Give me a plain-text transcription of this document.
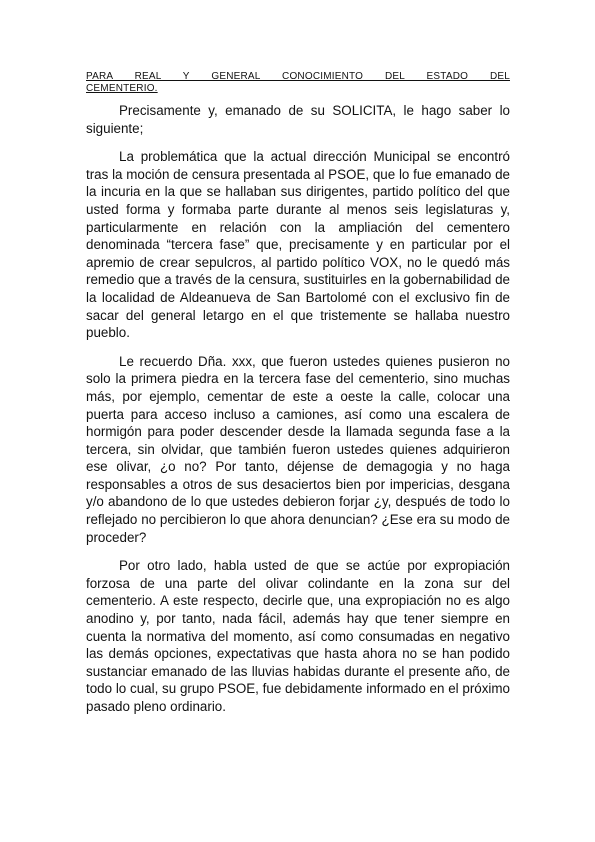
PARA REAL Y GENERAL CONOCIMIENTO DEL ESTADO DEL

CEMENTERIO.

Precisamente y, emanado de su SOLICITA, le hago saber lo siguiente;

La problemática que la actual dirección Municipal se encontró tras la moción de censura presentada al PSOE, que lo fue emanado de la incuria en la que se hallaban sus dirigentes, partido político del que usted forma y formaba parte durante al menos seis legislaturas y, particularmente en relación con la ampliación del cementero denominada “tercera fase” que, precisamente y en particular por el apremio de crear sepulcros, al partido político VOX, no le quedó más remedio que a través de la censura, sustituirles en la gobernabilidad de la localidad de Aldeanueva de San Bartolomé con el exclusivo fin de sacar del general letargo en el que tristemente se hallaba nuestro pueblo.

Le recuerdo Dña. xxx, que fueron ustedes quienes pusieron no solo la primera piedra en la tercera fase del cementerio, sino muchas más, por ejemplo, cementar de este a oeste la calle, colocar una puerta para acceso incluso a camiones, así como una escalera de hormigón para poder descender desde la llamada segunda fase a la tercera, sin olvidar, que también fueron ustedes quienes adquirieron ese olivar, ¿o no? Por tanto, déjense de demagogia y no haga responsables a otros de sus desaciertos bien por impericias, desgana y/o abandono de lo que ustedes debieron forjar ¿y, después de todo lo reflejado no percibieron lo que ahora denuncian? ¿Ese era su modo de proceder?

Por otro lado, habla usted de que se actúe por expropiación forzosa de una parte del olivar colindante en la zona sur del cementerio. A este respecto, decirle que, una expropiación no es algo anodino y, por tanto, nada fácil, además hay que tener siempre en cuenta la normativa del momento, así como consumadas en negativo las demás opciones, expectativas que hasta ahora no se han podido sustanciar emanado de las lluvias habidas durante el presente año, de todo lo cual, su grupo PSOE, fue debidamente informado en el próximo pasado pleno ordinario.
